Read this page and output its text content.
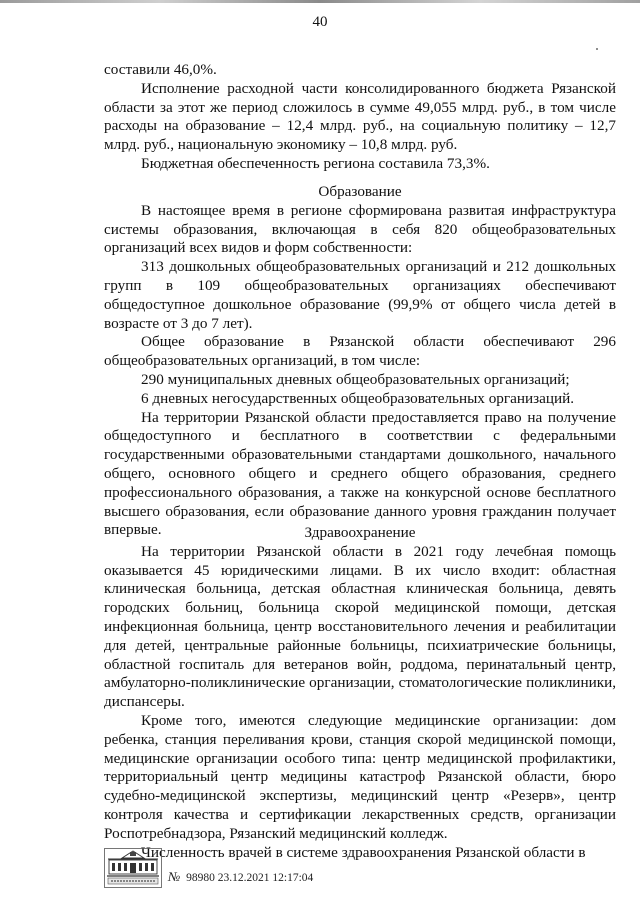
40

составили 46,0%.

Исполнение расходной части консолидированного бюджета Рязанской области за этот же период сложилось в сумме 49,055 млрд. руб., в том числе расходы на образование – 12,4 млрд. руб., на социальную политику – 12,7 млрд. руб., национальную экономику – 10,8 млрд. руб.

Бюджетная обеспеченность региона составила 73,3%.

Образование

В настоящее время в регионе сформирована развитая инфраструктура системы образования, включающая в себя 820 общеобразовательных организаций всех видов и форм собственности:

313 дошкольных общеобразовательных организаций и 212 дошкольных групп в 109 общеобразовательных организациях обеспечивают общедоступное дошкольное образование (99,9% от общего числа детей в возрасте от 3 до 7 лет).

Общее образование в Рязанской области обеспечивают 296 общеобразовательных организаций, в том числе:

290 муниципальных дневных общеобразовательных организаций;

6 дневных негосударственных общеобразовательных организаций.

На территории Рязанской области предоставляется право на получение общедоступного и бесплатного в соответствии с федеральными государственными образовательными стандартами дошкольного, начального общего, основного общего и среднего общего образования, среднего профессионального образования, а также на конкурсной основе бесплатного высшего образования, если образование данного уровня гражданин получает впервые.	Здравоохранение

На территории Рязанской области в 2021 году лечебная помощь оказывается 45 юридическими лицами. В их число входит: областная клиническая больница, детская областная клиническая больница, девять городских больниц, больница скорой медицинской помощи, детская инфекционная больница, центр восстановительного лечения и реабилитации для детей, центральные районные больницы, психиатрические больницы, областной госпиталь для ветеранов войн, роддома, перинатальный центр, амбулаторно-поликлинические организации, стоматологические поликлиники, диспансеры.

Кроме того, имеются следующие медицинские организации: дом ребенка, станция переливания крови, станция скорой медицинской помощи, медицинские организации особого типа: центр медицинской профилактики, территориальный центр медицины катастроф Рязанской области, бюро судебно-медицинской экспертизы, медицинский центр «Резерв», центр контроля качества и сертификации лекарственных средств, организации Роспотребнадзора, Рязанский медицинский колледж.

Численность врачей в системе здравоохранения Рязанской области в

№ 98980 23.12.2021 12:17:04
